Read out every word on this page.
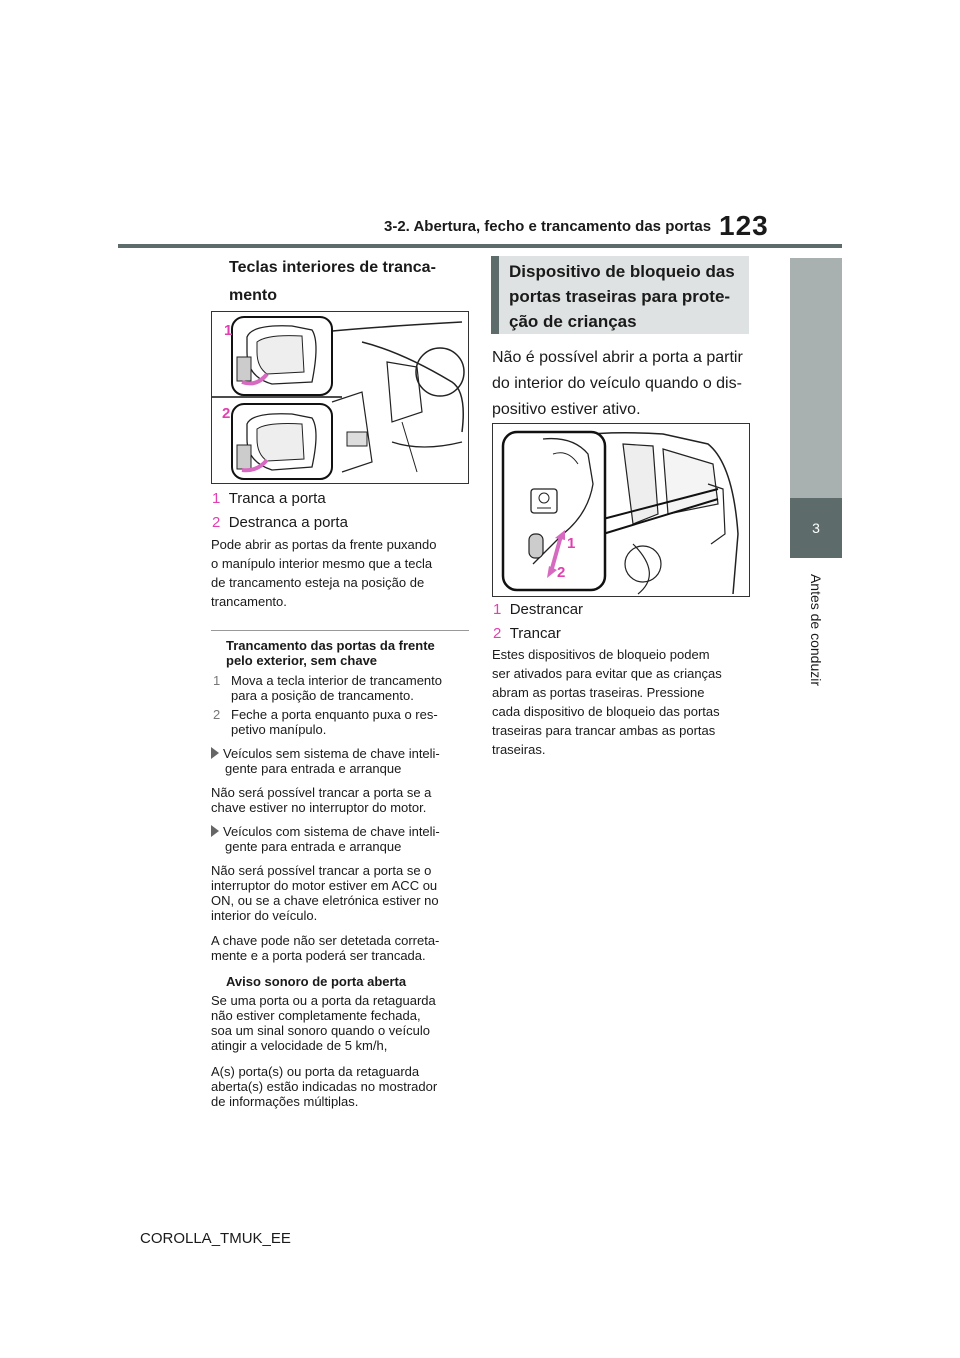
3-2. Abertura, fecho e trancamento das portas 123
3
Antes de conduzir
Teclas interiores de tranca-
mento
1
2
1 Tranca a porta
2 Destranca a porta
Pode abrir as portas da frente puxando
o manípulo interior mesmo que a tecla
de trancamento esteja na posição de
trancamento.
Trancamento das portas da frente
pelo exterior, sem chave
1 Mova a tecla interior de trancamento
para a posição de trancamento.
2 Feche a porta enquanto puxa o res-
petivo manípulo.
Veículos sem sistema de chave inteli-
gente para entrada e arranque
Não será possível trancar a porta se a
chave estiver no interruptor do motor.
Veículos com sistema de chave inteli-
gente para entrada e arranque
Não será possível trancar a porta se o
interruptor do motor estiver em ACC ou
ON, ou se a chave eletrónica estiver no
interior do veículo.
A chave pode não ser detetada correta-
mente e a porta poderá ser trancada.
Aviso sonoro de porta aberta
Se uma porta ou a porta da retaguarda
não estiver completamente fechada,
soa um sinal sonoro quando o veículo
atingir a velocidade de 5 km/h,
A(s) porta(s) ou porta da retaguarda
aberta(s) estão indicadas no mostrador
de informações múltiplas.
Dispositivo de bloqueio das
portas traseiras para prote-
ção de crianças
Não é possível abrir a porta a partir
do interior do veículo quando o dis-
positivo estiver ativo.
1
2
1 Destrancar
2 Trancar
Estes dispositivos de bloqueio podem
ser ativados para evitar que as crianças
abram as portas traseiras. Pressione
cada dispositivo de bloqueio das portas
traseiras para trancar ambas as portas
traseiras.
COROLLA_TMUK_EE
